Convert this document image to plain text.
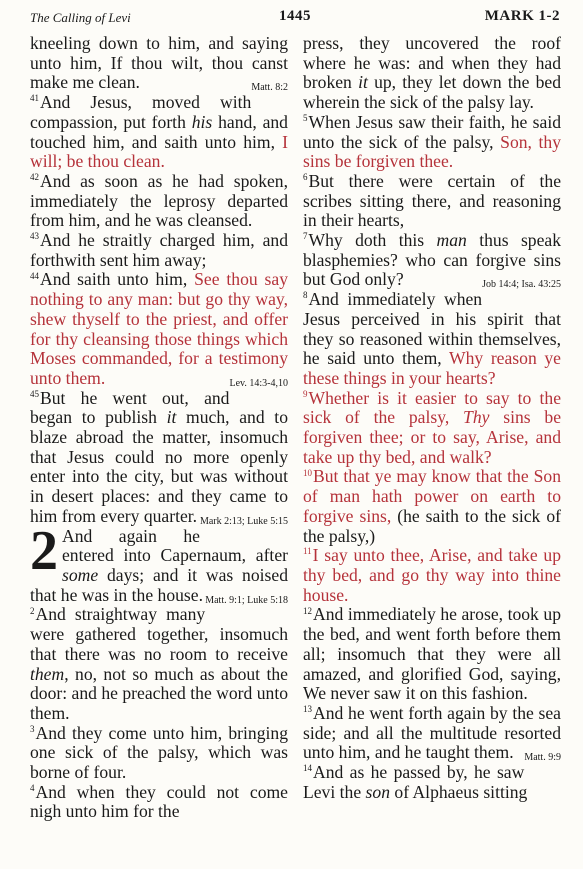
The Calling of Levi	1445	MARK 1-2

kneeling down to him, and saying unto him, If thou wilt, thou canst make me clean.	Matt. 8:2

$^{41}$And Jesus, moved with compassion, put forth his hand, and touched him, and saith unto him, I will; be thou clean.

$^{42}$And as soon as he had spoken, immediately the leprosy departed from him, and he was cleansed.

$^{43}$And he straitly charged him, and forthwith sent him away;

$^{44}$And saith unto him, See thou say nothing to any man: but go thy way, shew thyself to the priest, and offer for thy cleansing those things which Moses commanded, for a testimony unto them.	Lev. 14:3-4,10

$^{45}$But he went out, and began to publish it much, and to blaze abroad the matter, insomuch that Jesus could no more openly enter into the city, but was without in desert places: and they came to him from every quarter. Mark 2:13; Luke 5:15

2 And again he entered into Capernaum, after some days; and it was noised that he was in the house. Matt. 9:1; Luke 5:18

$^2$And straightway many were gathered together, insomuch that there was no room to receive them, no, not so much as about the door: and he preached the word unto them.

$^3$And they come unto him, bringing one sick of the palsy, which was borne of four.

$^4$And when they could not come nigh unto him for the

press, they uncovered the roof where he was: and when they had broken it up, they let down the bed wherein the sick of the palsy lay.

$^5$When Jesus saw their faith, he said unto the sick of the palsy, Son, thy sins be forgiven thee.

$^6$But there were certain of the scribes sitting there, and reasoning in their hearts,

$^7$Why doth this man thus speak blasphemies? who can forgive sins but God only?	Job 14:4; Isa. 43:25

$^8$And immediately when Jesus perceived in his spirit that they so reasoned within themselves, he said unto them, Why reason ye these things in your hearts?

$^9$Whether is it easier to say to the sick of the palsy, Thy sins be forgiven thee; or to say, Arise, and take up thy bed, and walk?

$^{10}$But that ye may know that the Son of man hath power on earth to forgive sins, (he saith to the sick of the palsy,)

$^{11}$I say unto thee, Arise, and take up thy bed, and go thy way into thine house.

$^{12}$And immediately he arose, took up the bed, and went forth before them all; insomuch that they were all amazed, and glorified God, saying, We never saw it on this fashion.

$^{13}$And he went forth again by the sea side; and all the multitude resorted unto him, and he taught them. Matt. 9:9

$^{14}$And as he passed by, he saw Levi the son of Alphaeus sitting
